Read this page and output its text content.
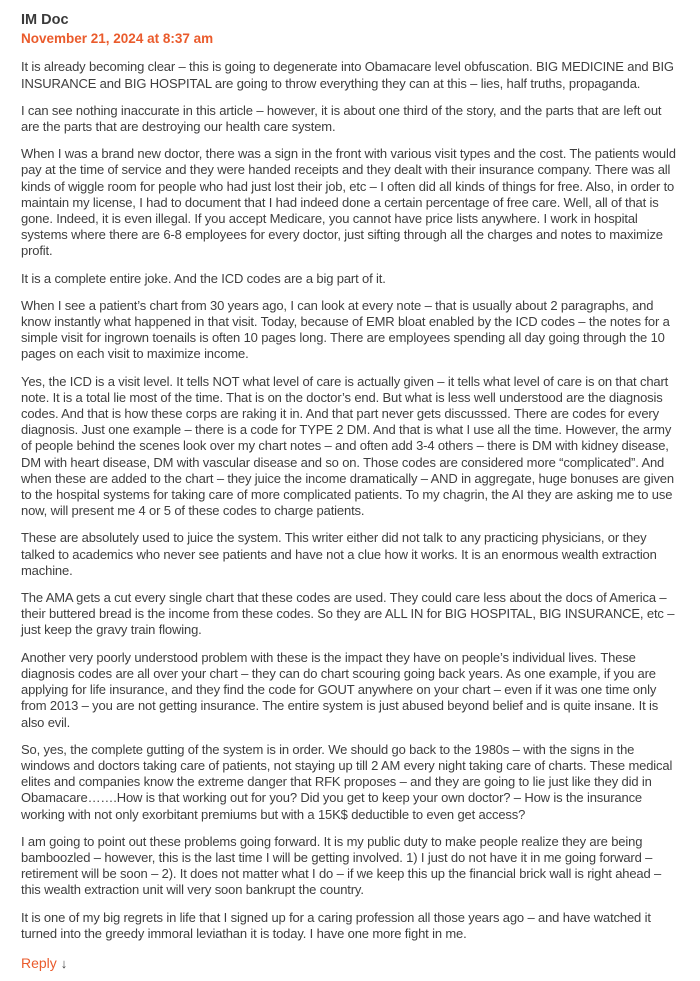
IM Doc

November 21, 2024 at 8:37 am

It is already becoming clear – this is going to degenerate into Obamacare level obfuscation. BIG MEDICINE and BIG INSURANCE and BIG HOSPITAL are going to throw everything they can at this – lies, half truths, propaganda.

I can see nothing inaccurate in this article – however, it is about one third of the story, and the parts that are left out are the parts that are destroying our health care system.

When I was a brand new doctor, there was a sign in the front with various visit types and the cost. The patients would pay at the time of service and they were handed receipts and they dealt with their insurance company. There was all kinds of wiggle room for people who had just lost their job, etc – I often did all kinds of things for free. Also, in order to maintain my license, I had to document that I had indeed done a certain percentage of free care. Well, all of that is gone. Indeed, it is even illegal. If you accept Medicare, you cannot have price lists anywhere. I work in hospital systems where there are 6-8 employees for every doctor, just sifting through all the charges and notes to maximize profit.

It is a complete entire joke. And the ICD codes are a big part of it.

When I see a patient’s chart from 30 years ago, I can look at every note – that is usually about 2 paragraphs, and know instantly what happened in that visit. Today, because of EMR bloat enabled by the ICD codes – the notes for a simple visit for ingrown toenails is often 10 pages long. There are employees spending all day going through the 10 pages on each visit to maximize income.

Yes, the ICD is a visit level. It tells NOT what level of care is actually given – it tells what level of care is on that chart note. It is a total lie most of the time. That is on the doctor’s end. But what is less well understood are the diagnosis codes. And that is how these corps are raking it in. And that part never gets discusssed. There are codes for every diagnosis. Just one example – there is a code for TYPE 2 DM. And that is what I use all the time. However, the army of people behind the scenes look over my chart notes – and often add 3-4 others – there is DM with kidney disease, DM with heart disease, DM with vascular disease and so on. Those codes are considered more “complicated”. And when these are added to the chart – they juice the income dramatically – AND in aggregate, huge bonuses are given to the hospital systems for taking care of more complicated patients. To my chagrin, the AI they are asking me to use now, will present me 4 or 5 of these codes to charge patients.

These are absolutely used to juice the system. This writer either did not talk to any practicing physicians, or they talked to academics who never see patients and have not a clue how it works. It is an enormous wealth extraction machine.

The AMA gets a cut every single chart that these codes are used. They could care less about the docs of America – their buttered bread is the income from these codes. So they are ALL IN for BIG HOSPITAL, BIG INSURANCE, etc – just keep the gravy train flowing.

Another very poorly understood problem with these is the impact they have on people’s individual lives. These diagnosis codes are all over your chart – they can do chart scouring going back years. As one example, if you are applying for life insurance, and they find the code for GOUT anywhere on your chart – even if it was one time only from 2013 – you are not getting insurance. The entire system is just abused beyond belief and is quite insane. It is also evil.

So, yes, the complete gutting of the system is in order. We should go back to the 1980s – with the signs in the windows and doctors taking care of patients, not staying up till 2 AM every night taking care of charts. These medical elites and companies know the extreme danger that RFK proposes – and they are going to lie just like they did in Obamacare…….How is that working out for you? Did you get to keep your own doctor? – How is the insurance working with not only exorbitant premiums but with a 15K$ deductible to even get access?

I am going to point out these problems going forward. It is my public duty to make people realize they are being bamboozled – however, this is the last time I will be getting involved. 1) I just do not have it in me going forward – retirement will be soon – 2). It does not matter what I do – if we keep this up the financial brick wall is right ahead – this wealth extraction unit will very soon bankrupt the country.

It is one of my big regrets in life that I signed up for a caring profession all those years ago – and have watched it turned into the greedy immoral leviathan it is today. I have one more fight in me.

Reply ↓
